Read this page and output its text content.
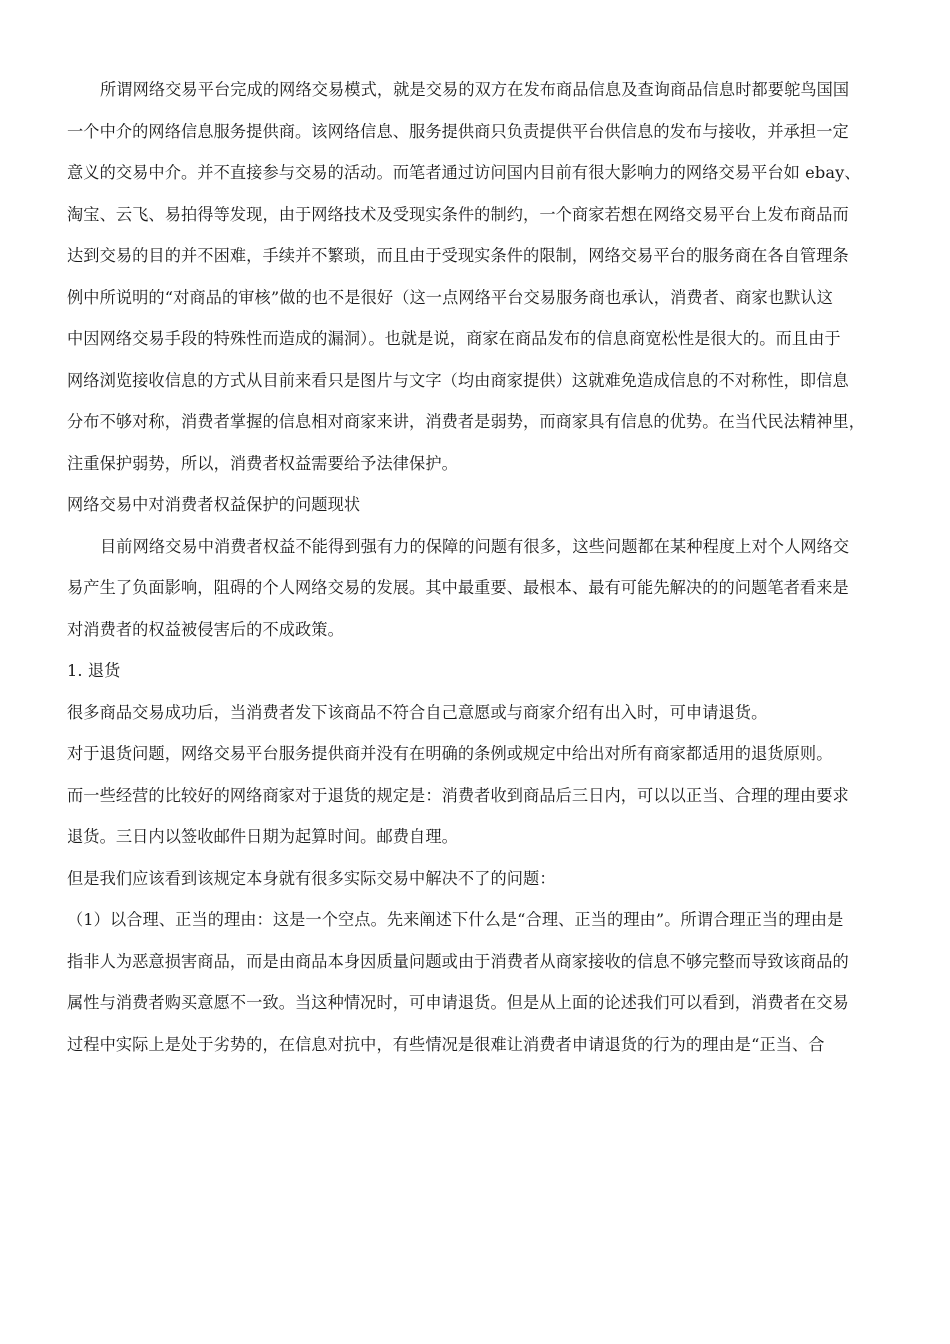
所谓网络交易平台完成的网络交易模式，就是交易的双方在发布商品信息及查询商品信息时都要鸵鸟国国
一个中介的网络信息服务提供商。该网络信息、服务提供商只负责提供平台供信息的发布与接收，并承担一定
意义的交易中介。并不直接参与交易的活动。而笔者通过访问国内目前有很大影响力的网络交易平台如 ebay、
淘宝、云飞、易拍得等发现，由于网络技术及受现实条件的制约，一个商家若想在网络交易平台上发布商品而
达到交易的目的并不困难，手续并不繁琐，而且由于受现实条件的限制，网络交易平台的服务商在各自管理条
例中所说明的“对商品的审核”做的也不是很好（这一点网络平台交易服务商也承认，消费者、商家也默认这
中因网络交易手段的特殊性而造成的漏洞）。也就是说，商家在商品发布的信息商宽松性是很大的。而且由于
网络浏览接收信息的方式从目前来看只是图片与文字（均由商家提供）这就难免造成信息的不对称性，即信息
分布不够对称，消费者掌握的信息相对商家来讲，消费者是弱势，而商家具有信息的优势。在当代民法精神里，
注重保护弱势，所以，消费者权益需要给予法律保护。
网络交易中对消费者权益保护的问题现状
目前网络交易中消费者权益不能得到强有力的保障的问题有很多，这些问题都在某种程度上对个人网络交
易产生了负面影响，阻碍的个人网络交易的发展。其中最重要、最根本、最有可能先解决的的问题笔者看来是
对消费者的权益被侵害后的不成政策。
1. 退货
很多商品交易成功后，当消费者发下该商品不符合自己意愿或与商家介绍有出入时，可申请退货。
对于退货问题，网络交易平台服务提供商并没有在明确的条例或规定中给出对所有商家都适用的退货原则。
而一些经营的比较好的网络商家对于退货的规定是：消费者收到商品后三日内，可以以正当、合理的理由要求
退货。三日内以签收邮件日期为起算时间。邮费自理。
但是我们应该看到该规定本身就有很多实际交易中解决不了的问题：
（1）以合理、正当的理由：这是一个空点。先来阐述下什么是“合理、正当的理由”。所谓合理正当的理由是
指非人为恶意损害商品，而是由商品本身因质量问题或由于消费者从商家接收的信息不够完整而导致该商品的
属性与消费者购买意愿不一致。当这种情况时，可申请退货。但是从上面的论述我们可以看到，消费者在交易
过程中实际上是处于劣势的，在信息对抗中，有些情况是很难让消费者申请退货的行为的理由是“正当、合
